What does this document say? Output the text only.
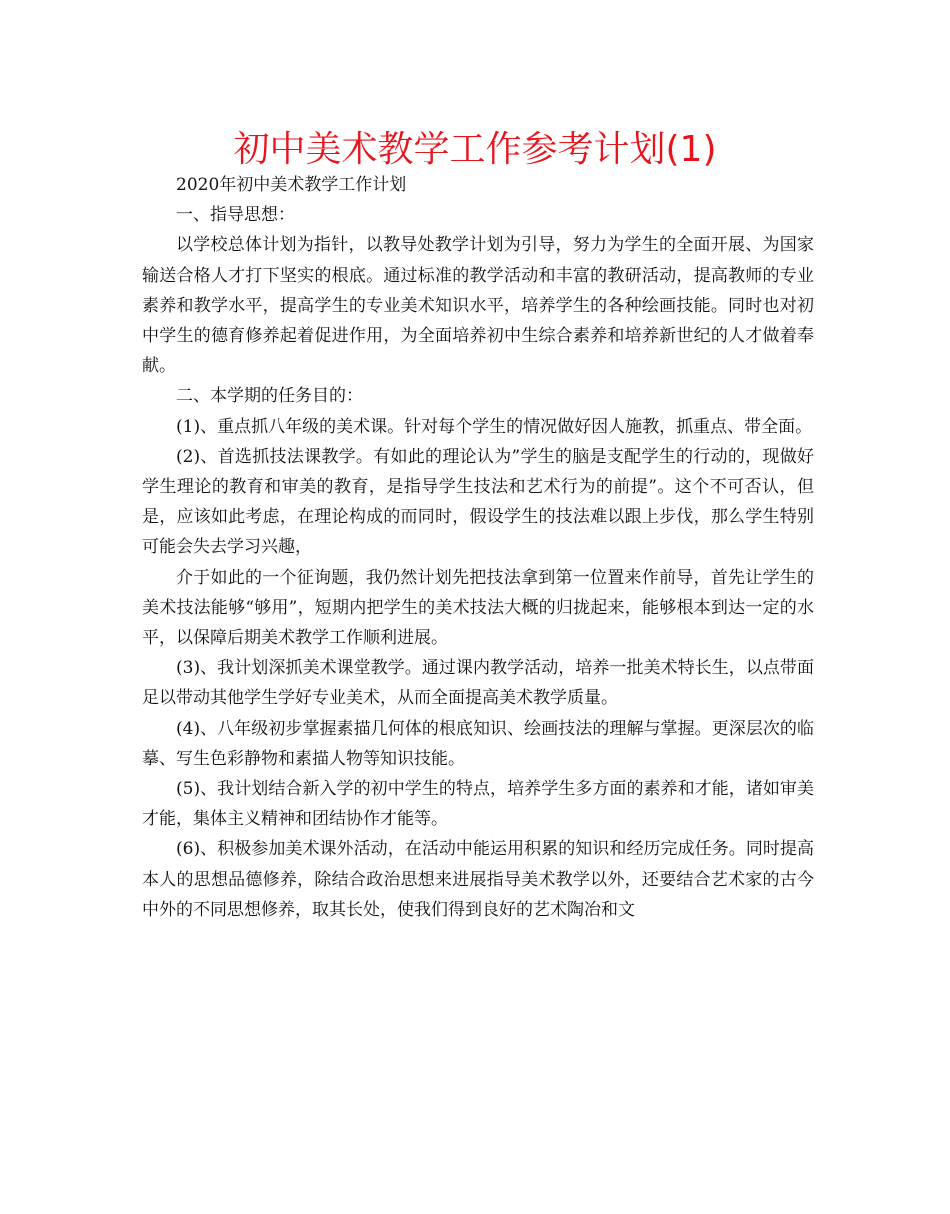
初中美术教学工作参考计划(1)

2020年初中美术教学工作计划

一、指导思想：

以学校总体计划为指针，以教导处教学计划为引导，努力为学生的全面开展、为国家输送合格人才打下坚实的根底。通过标准的教学活动和丰富的教研活动，提高教师的专业素养和教学水平，提高学生的专业美术知识水平，培养学生的各种绘画技能。同时也对初中学生的德育修养起着促进作用，为全面培养初中生综合素养和培养新世纪的人才做着奉献。

二、本学期的任务目的：

(1)、重点抓八年级的美术课。针对每个学生的情况做好因人施教，抓重点、带全面。

(2)、首选抓技法课教学。有如此的理论认为”学生的脑是支配学生的行动的，现做好学生理论的教育和审美的教育，是指导学生技法和艺术行为的前提”。这个不可否认，但是，应该如此考虑，在理论构成的而同时，假设学生的技法难以跟上步伐，那么学生特别可能会失去学习兴趣，

介于如此的一个征询题，我仍然计划先把技法拿到第一位置来作前导，首先让学生的美术技法能够“够用”，短期内把学生的美术技法大概的归拢起来，能够根本到达一定的水平，以保障后期美术教学工作顺利进展。

(3)、我计划深抓美术课堂教学。通过课内教学活动，培养一批美术特长生，以点带面足以带动其他学生学好专业美术，从而全面提高美术教学质量。

(4)、八年级初步掌握素描几何体的根底知识、绘画技法的理解与掌握。更深层次的临摹、写生色彩静物和素描人物等知识技能。

(5)、我计划结合新入学的初中学生的特点，培养学生多方面的素养和才能，诸如审美才能，集体主义精神和团结协作才能等。

(6)、积极参加美术课外活动，在活动中能运用积累的知识和经历完成任务。同时提高本人的思想品德修养，除结合政治思想来进展指导美术教学以外，还要结合艺术家的古今中外的不同思想修养，取其长处，使我们得到良好的艺术陶冶和文
